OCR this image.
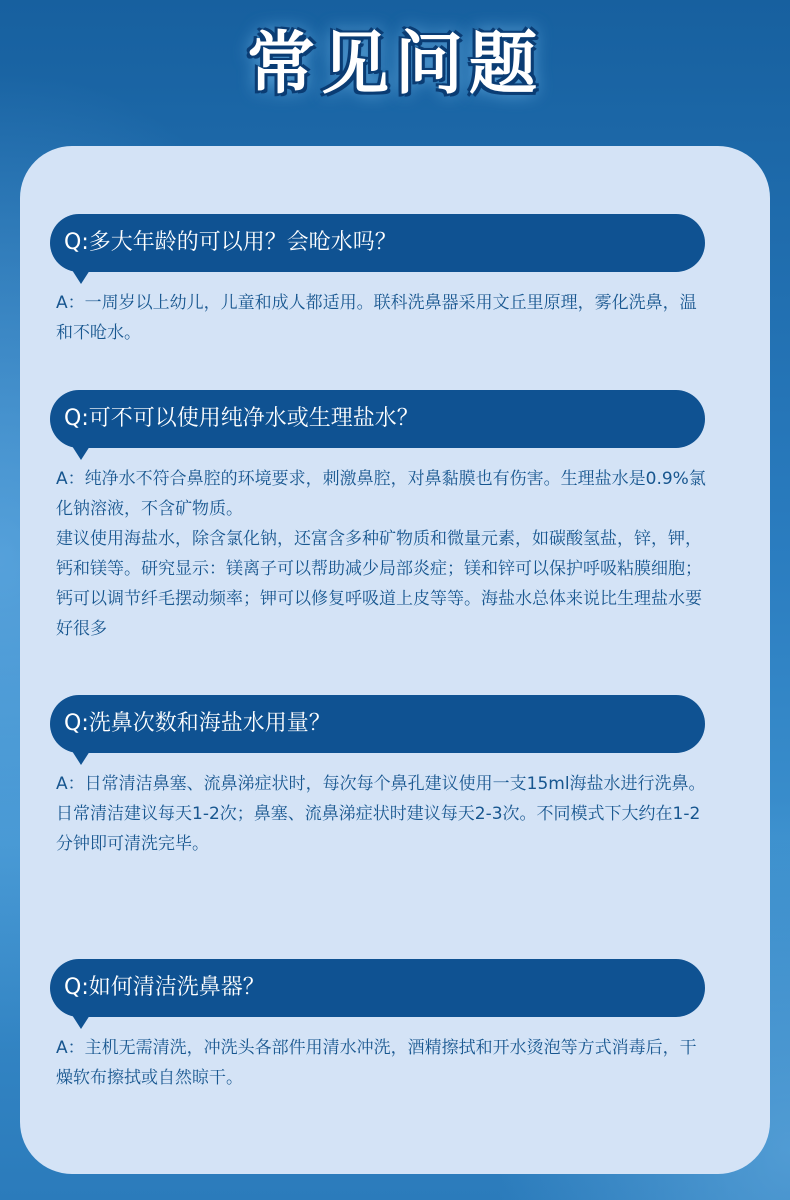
常见问题
Q:多大年龄的可以用？会呛水吗？

A：一周岁以上幼儿，儿童和成人都适用。联科洗鼻器采用文丘里原理，雾化洗鼻，温和不呛水。

Q:可不可以使用纯净水或生理盐水？

A：纯净水不符合鼻腔的环境要求，刺激鼻腔，对鼻黏膜也有伤害。生理盐水是0.9%氯化钠溶液，不含矿物质。

建议使用海盐水，除含氯化钠，还富含多种矿物质和微量元素，如碳酸氢盐，锌，钾，钙和镁等。研究显示：镁离子可以帮助减少局部炎症；镁和锌可以保护呼吸粘膜细胞；钙可以调节纤毛摆动频率；钾可以修复呼吸道上皮等等。海盐水总体来说比生理盐水要好很多

Q:洗鼻次数和海盐水用量？

A：日常清洁鼻塞、流鼻涕症状时，每次每个鼻孔建议使用一支15ml海盐水进行洗鼻。

日常清洁建议每天1-2次；鼻塞、流鼻涕症状时建议每天2-3次。不同模式下大约在1-2分钟即可清洗完毕。

Q:如何清洁洗鼻器？

A：主机无需清洗，冲洗头各部件用清水冲洗，酒精擦拭和开水烫泡等方式消毒后，干燥软布擦拭或自然晾干。
